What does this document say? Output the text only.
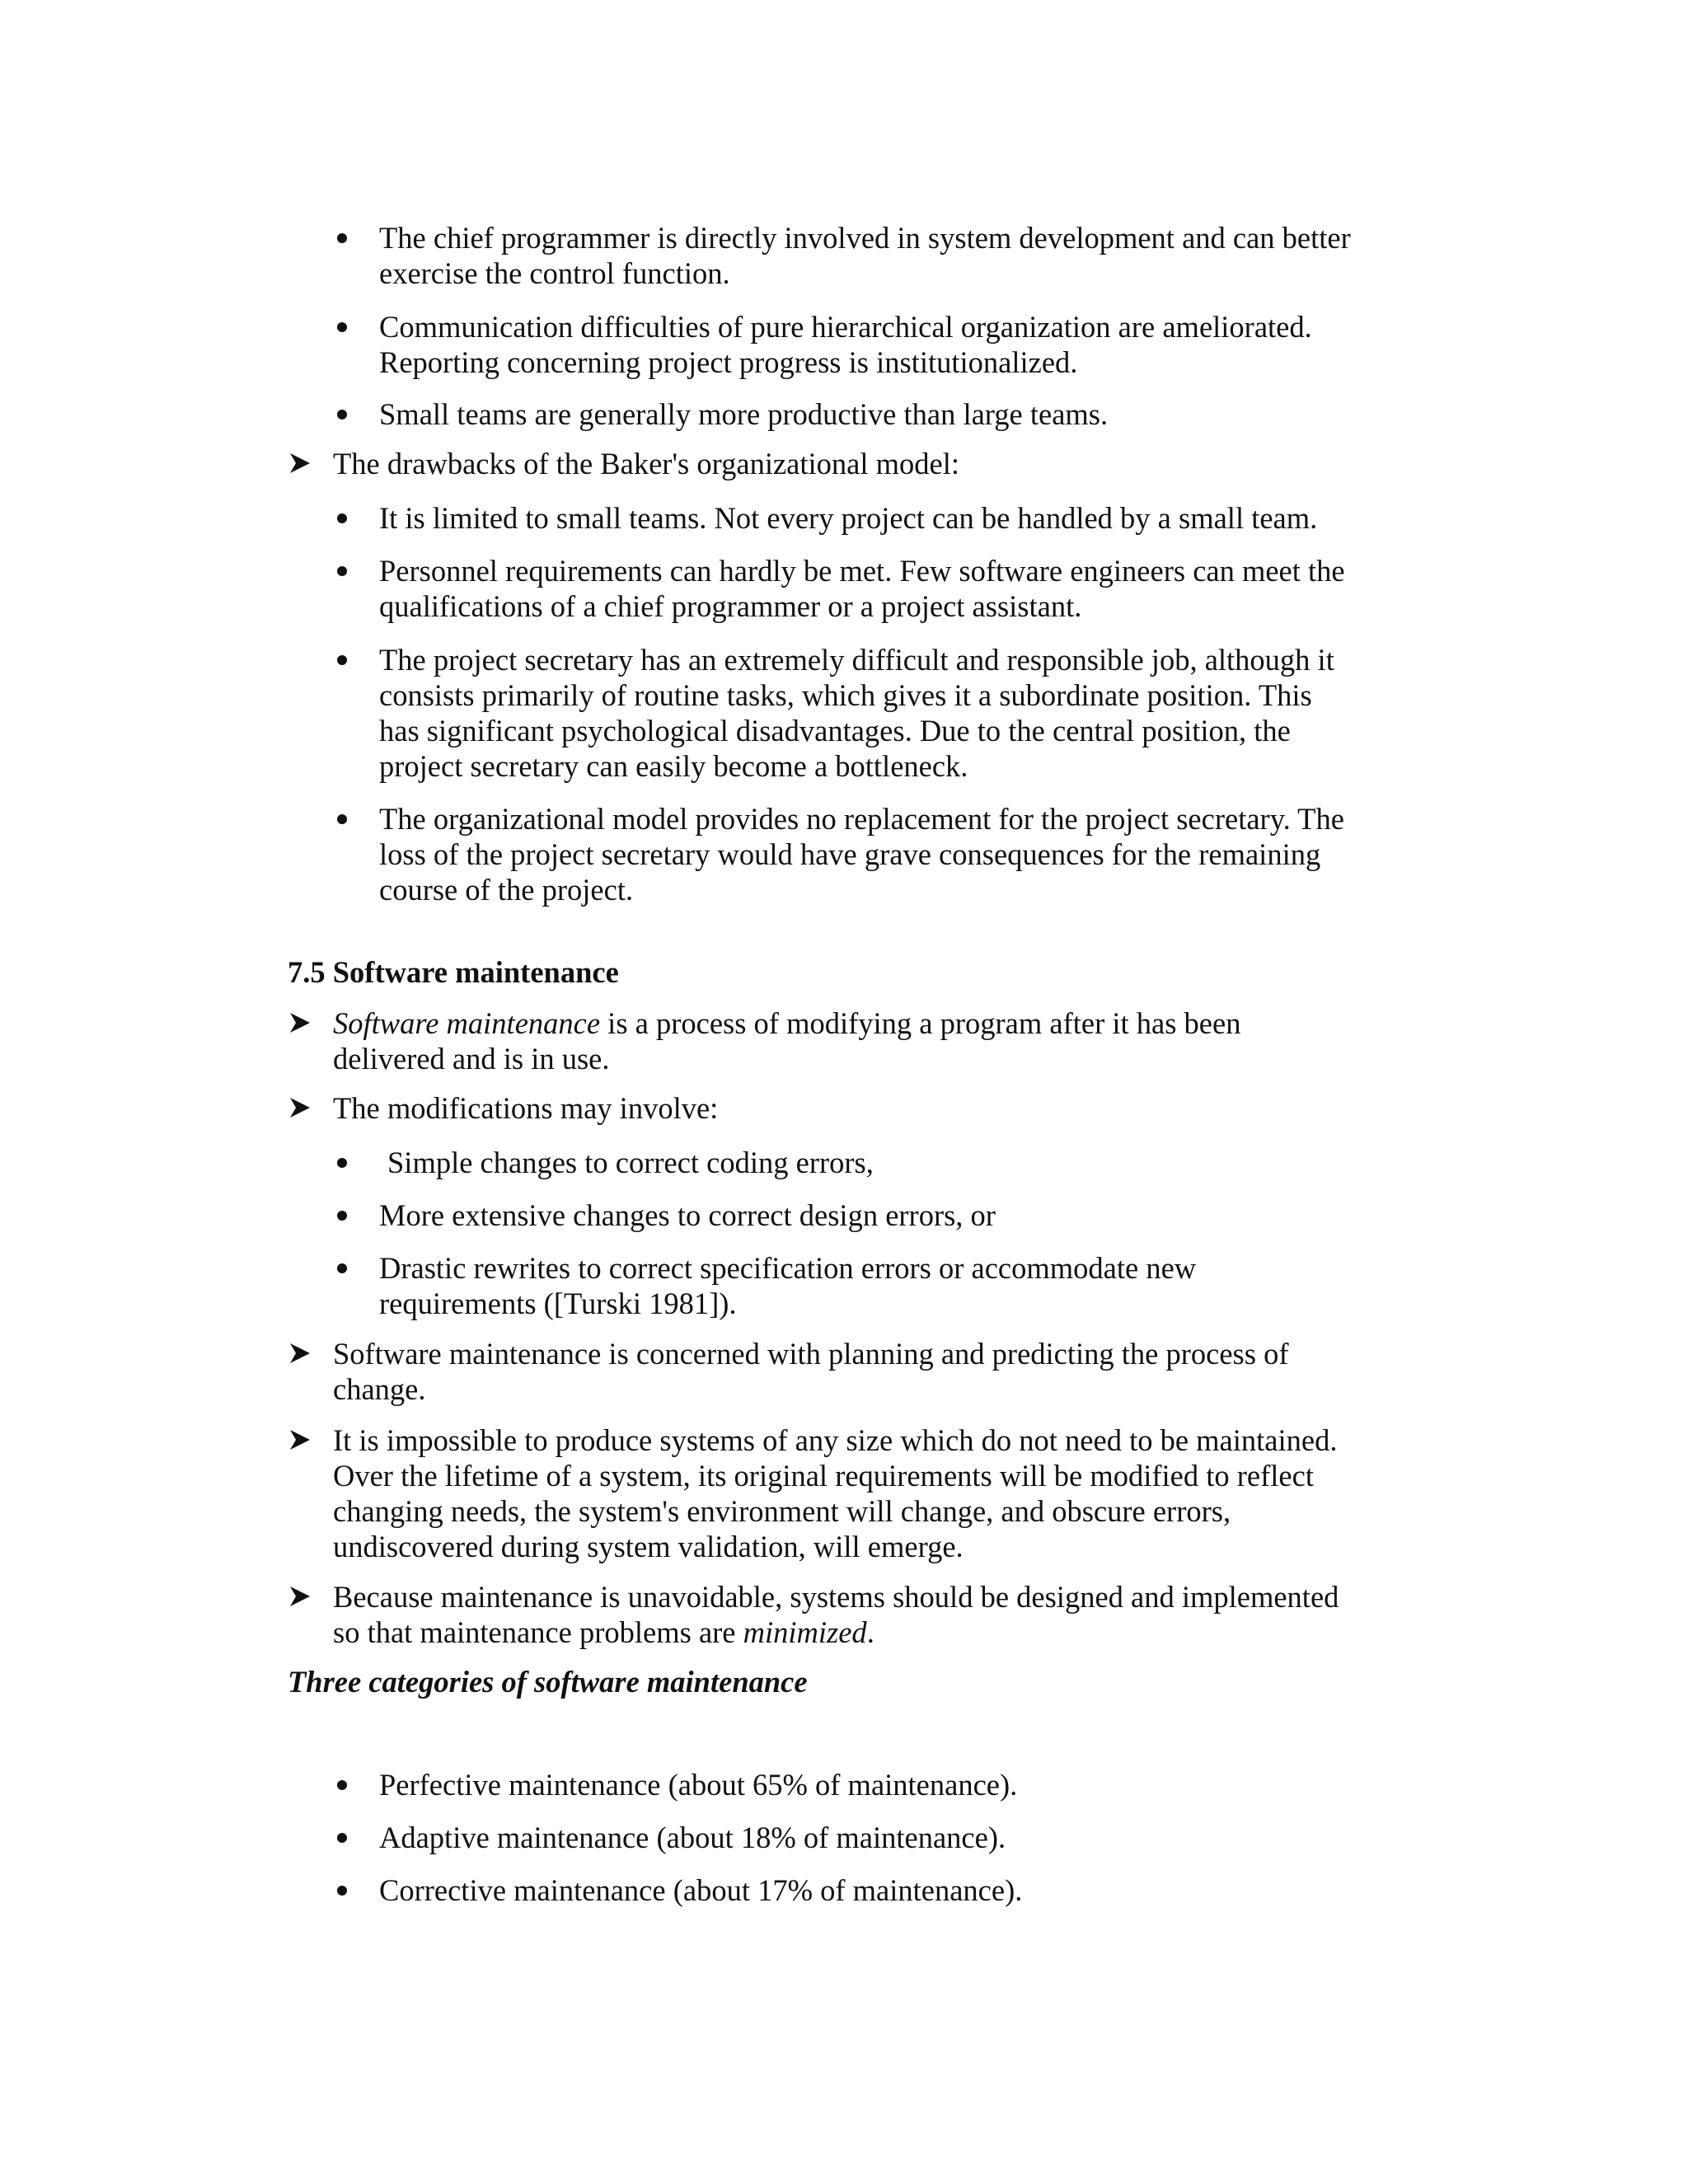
The chief programmer is directly involved in system development and can better
exercise the control function.
Communication difficulties of pure hierarchical organization are ameliorated.
Reporting concerning project progress is institutionalized.
Small teams are generally more productive than large teams.
The drawbacks of the Baker's organizational model:
It is limited to small teams. Not every project can be handled by a small team.
Personnel requirements can hardly be met. Few software engineers can meet the
qualifications of a chief programmer or a project assistant.
The project secretary has an extremely difficult and responsible job, although it
consists primarily of routine tasks, which gives it a subordinate position. This
has significant psychological disadvantages. Due to the central position, the
project secretary can easily become a bottleneck.
The organizational model provides no replacement for the project secretary. The
loss of the project secretary would have grave consequences for the remaining
course of the project.
7.5 Software maintenance
Software maintenance is a process of modifying a program after it has been
delivered and is in use.
The modifications may involve:
Simple changes to correct coding errors,
More extensive changes to correct design errors, or
Drastic rewrites to correct specification errors or accommodate new
requirements ([Turski 1981]).
Software maintenance is concerned with planning and predicting the process of
change.
It is impossible to produce systems of any size which do not need to be maintained.
Over the lifetime of a system, its original requirements will be modified to reflect
changing needs, the system's environment will change, and obscure errors,
undiscovered during system validation, will emerge.
Because maintenance is unavoidable, systems should be designed and implemented
so that maintenance problems are minimized.
Three categories of software maintenance
Perfective maintenance (about 65% of maintenance).
Adaptive maintenance (about 18% of maintenance).
Corrective maintenance (about 17% of maintenance).
